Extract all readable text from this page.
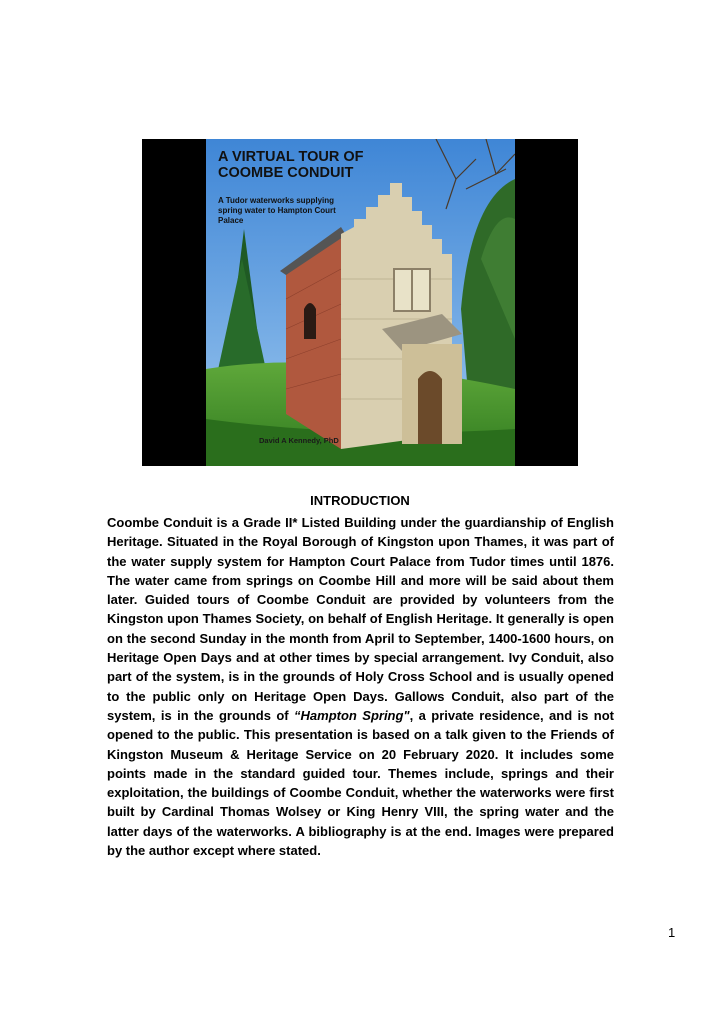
A VIRTUAL TOUR OF COOMBE CONDUIT
A Tudor waterworks supplying spring water to Hampton Court Palace
David A Kennedy, PhD
INTRODUCTION
Coombe Conduit is a Grade II* Listed Building under the guardianship of English Heritage. Situated in the Royal Borough of Kingston upon Thames, it was part of the water supply system for Hampton Court Palace from Tudor times until 1876. The water came from springs on Coombe Hill and more will be said about them later. Guided tours of Coombe Conduit are provided by volunteers from the Kingston upon Thames Society, on behalf of English Heritage. It generally is open on the second Sunday in the month from April to September, 1400-1600 hours, on Heritage Open Days and at other times by special arrangement. Ivy Conduit, also part of the system, is in the grounds of Holy Cross School and is usually opened to the public only on Heritage Open Days. Gallows Conduit, also part of the system, is in the grounds of “Hampton Spring", a private residence, and is not opened to the public. This presentation is based on a talk given to the Friends of Kingston Museum & Heritage Service on 20 February 2020. It includes some points made in the standard guided tour. Themes include, springs and their exploitation, the buildings of Coombe Conduit, whether the waterworks were first built by Cardinal Thomas Wolsey or King Henry VIII, the spring water and the latter days of the waterworks. A bibliography is at the end. Images were prepared by the author except where stated.
1
